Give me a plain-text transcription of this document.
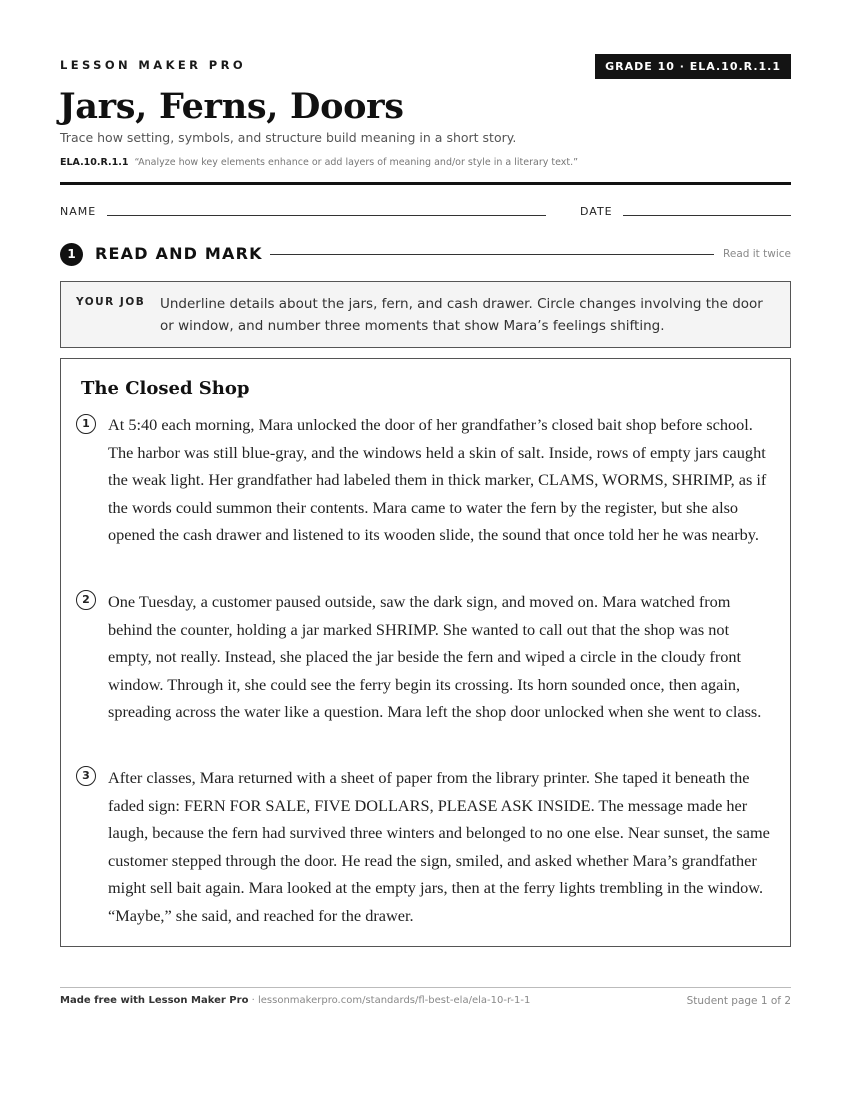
LESSON MAKER PRO	GRADE 10 · ELA.10.R.1.1
Jars, Ferns, Doors
Trace how setting, symbols, and structure build meaning in a short story.
ELA.10.R.1.1 “Analyze how key elements enhance or add layers of meaning and/or style in a literary text.”
NAME	DATE
1	READ AND MARK	Read it twice
YOUR JOB Underline details about the jars, fern, and cash drawer. Circle changes involving the door or window, and number three moments that show Mara’s feelings shifting.
The Closed Shop
1	At 5:40 each morning, Mara unlocked the door of her grandfather’s closed bait shop before school. The harbor was still blue-gray, and the windows held a skin of salt. Inside, rows of empty jars caught the weak light. Her grandfather had labeled them in thick marker, CLAMS, WORMS, SHRIMP, as if the words could summon their contents. Mara came to water the fern by the register, but she also opened the cash drawer and listened to its wooden slide, the sound that once told her he was nearby.
2	One Tuesday, a customer paused outside, saw the dark sign, and moved on. Mara watched from behind the counter, holding a jar marked SHRIMP. She wanted to call out that the shop was not empty, not really. Instead, she placed the jar beside the fern and wiped a circle in the cloudy front window. Through it, she could see the ferry begin its crossing. Its horn sounded once, then again, spreading across the water like a question. Mara left the shop door unlocked when she went to class.
3	After classes, Mara returned with a sheet of paper from the library printer. She taped it beneath the faded sign: FERN FOR SALE, FIVE DOLLARS, PLEASE ASK INSIDE. The message made her laugh, because the fern had survived three winters and belonged to no one else. Near sunset, the same customer stepped through the door. He read the sign, smiled, and asked whether Mara’s grandfather might sell bait again. Mara looked at the empty jars, then at the ferry lights trembling in the window. “Maybe,” she said, and reached for the drawer.
Made free with Lesson Maker Pro · lessonmakerpro.com/standards/fl-best-ela/ela-10-r-1-1	Student page 1 of 2
